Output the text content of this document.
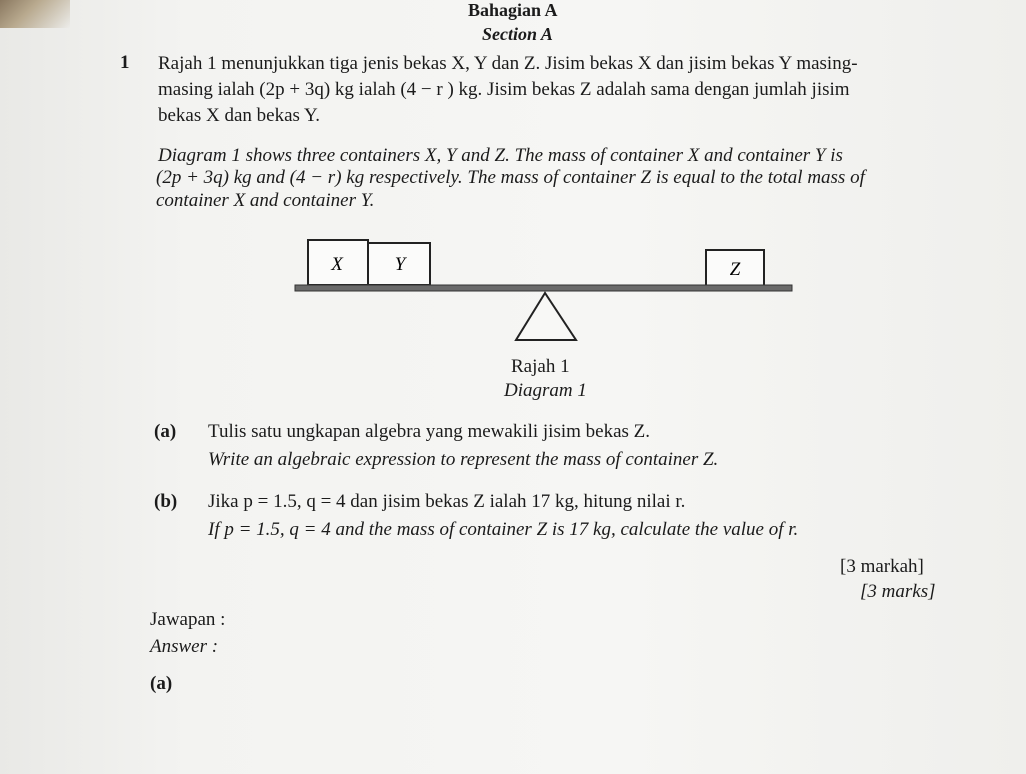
Bahagian A
Section A
1 Rajah 1 menunjukkan tiga jenis bekas X, Y dan Z. Jisim bekas X dan jisim bekas Y masing-
masing ialah (2p + 3q) kg ialah (4 − r ) kg. Jisim bekas Z adalah sama dengan jumlah jisim
bekas X dan bekas Y.
Diagram 1 shows three containers X, Y and Z. The mass of container X and container Y is
(2p + 3q) kg and (4 − r) kg respectively. The mass of container Z is equal to the total mass of
container X and container Y.
X	Y	Z
Rajah 1
Diagram 1
(a) Tulis satu ungkapan algebra yang mewakili jisim bekas Z.
Write an algebraic expression to represent the mass of container Z.
(b) Jika p = 1.5, q = 4 dan jisim bekas Z ialah 17 kg, hitung nilai r.
If p = 1.5, q = 4 and the mass of container Z is 17 kg, calculate the value of r.
[3 markah]
[3 marks]
Jawapan :
Answer :
(a)
